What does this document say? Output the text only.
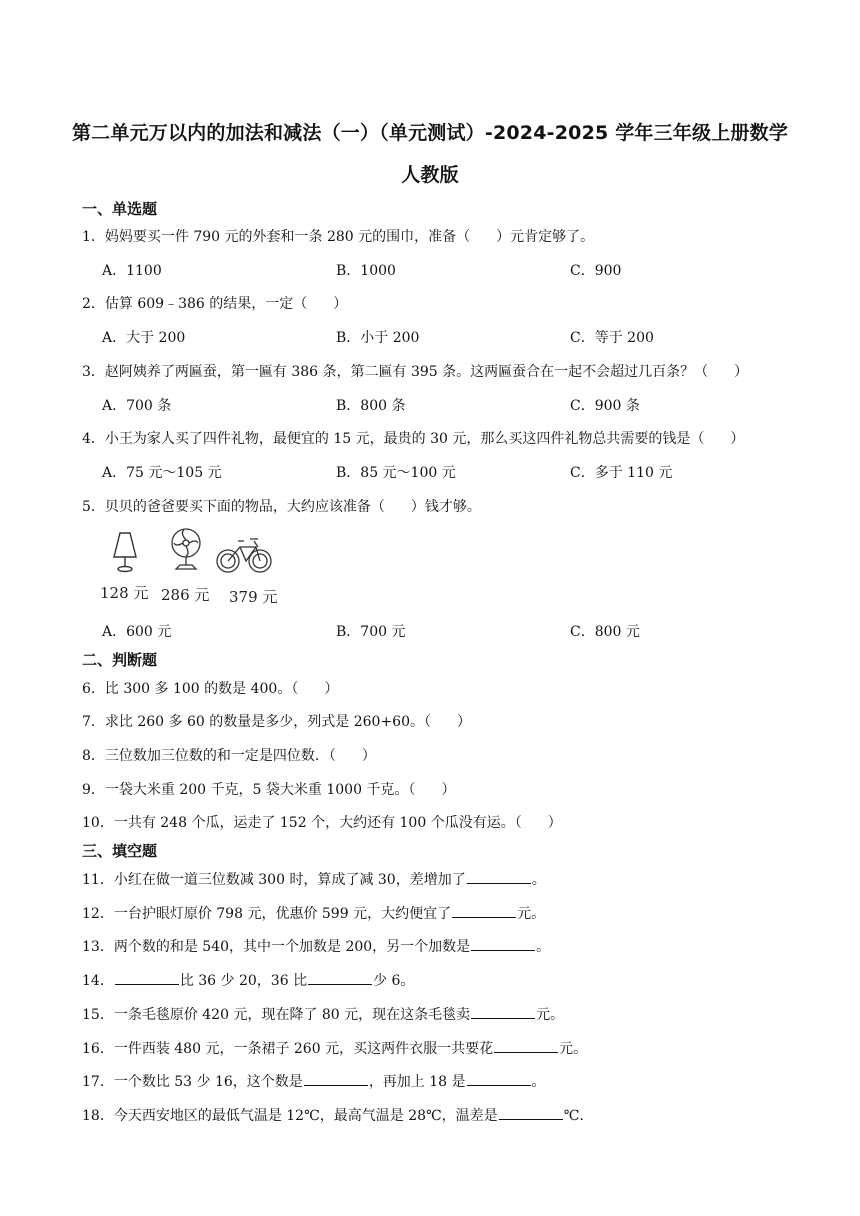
第二单元万以内的加法和减法（一）（单元测试）-2024-2025 学年三年级上册数学
人教版
一、单选题
1．妈妈要买一件 790 元的外套和一条 280 元的围巾，准备（ ）元肯定够了。
A．1100	B．1000	C．900
2．估算 609﹣386 的结果，一定（ ）
A．大于 200	B．小于 200	C．等于 200
3．赵阿姨养了两匾蚕，第一匾有 386 条，第二匾有 395 条。这两匾蚕合在一起不会超过几百条？（ ）
A．700 条	B．800 条	C．900 条
4．小王为家人买了四件礼物，最便宜的 15 元，最贵的 30 元，那么买这四件礼物总共需要的钱是（ ）
A．75 元～105 元	B．85 元～100 元	C．多于 110 元
5．贝贝的爸爸要买下面的物品，大约应该准备（ ）钱才够。
128 元 286 元 379 元
A．600 元	B．700 元	C．800 元
二、判断题
6．比 300 多 100 的数是 400。（ ）
7．求比 260 多 60 的数量是多少，列式是 260+60。（ ）
8．三位数加三位数的和一定是四位数．（ ）
9．一袋大米重 200 千克，5 袋大米重 1000 千克。（ ）
10．一共有 248 个瓜，运走了 152 个，大约还有 100 个瓜没有运。（ ）
三、填空题
11．小红在做一道三位数减 300 时，算成了减 30，差增加了	。
12．一台护眼灯原价 798 元，优惠价 599 元，大约便宜了	元。
13．两个数的和是 540，其中一个加数是 200，另一个加数是	。
14．	比 36 少 20，36 比	少 6。
15．一条毛毯原价 420 元，现在降了 80 元，现在这条毛毯卖	元。
16．一件西装 480 元，一条裙子 260 元，买这两件衣服一共要花	元。
17．一个数比 53 少 16，这个数是	，再加上 18 是	。
18．今天西安地区的最低气温是 12℃，最高气温是 28℃，温差是	℃.
